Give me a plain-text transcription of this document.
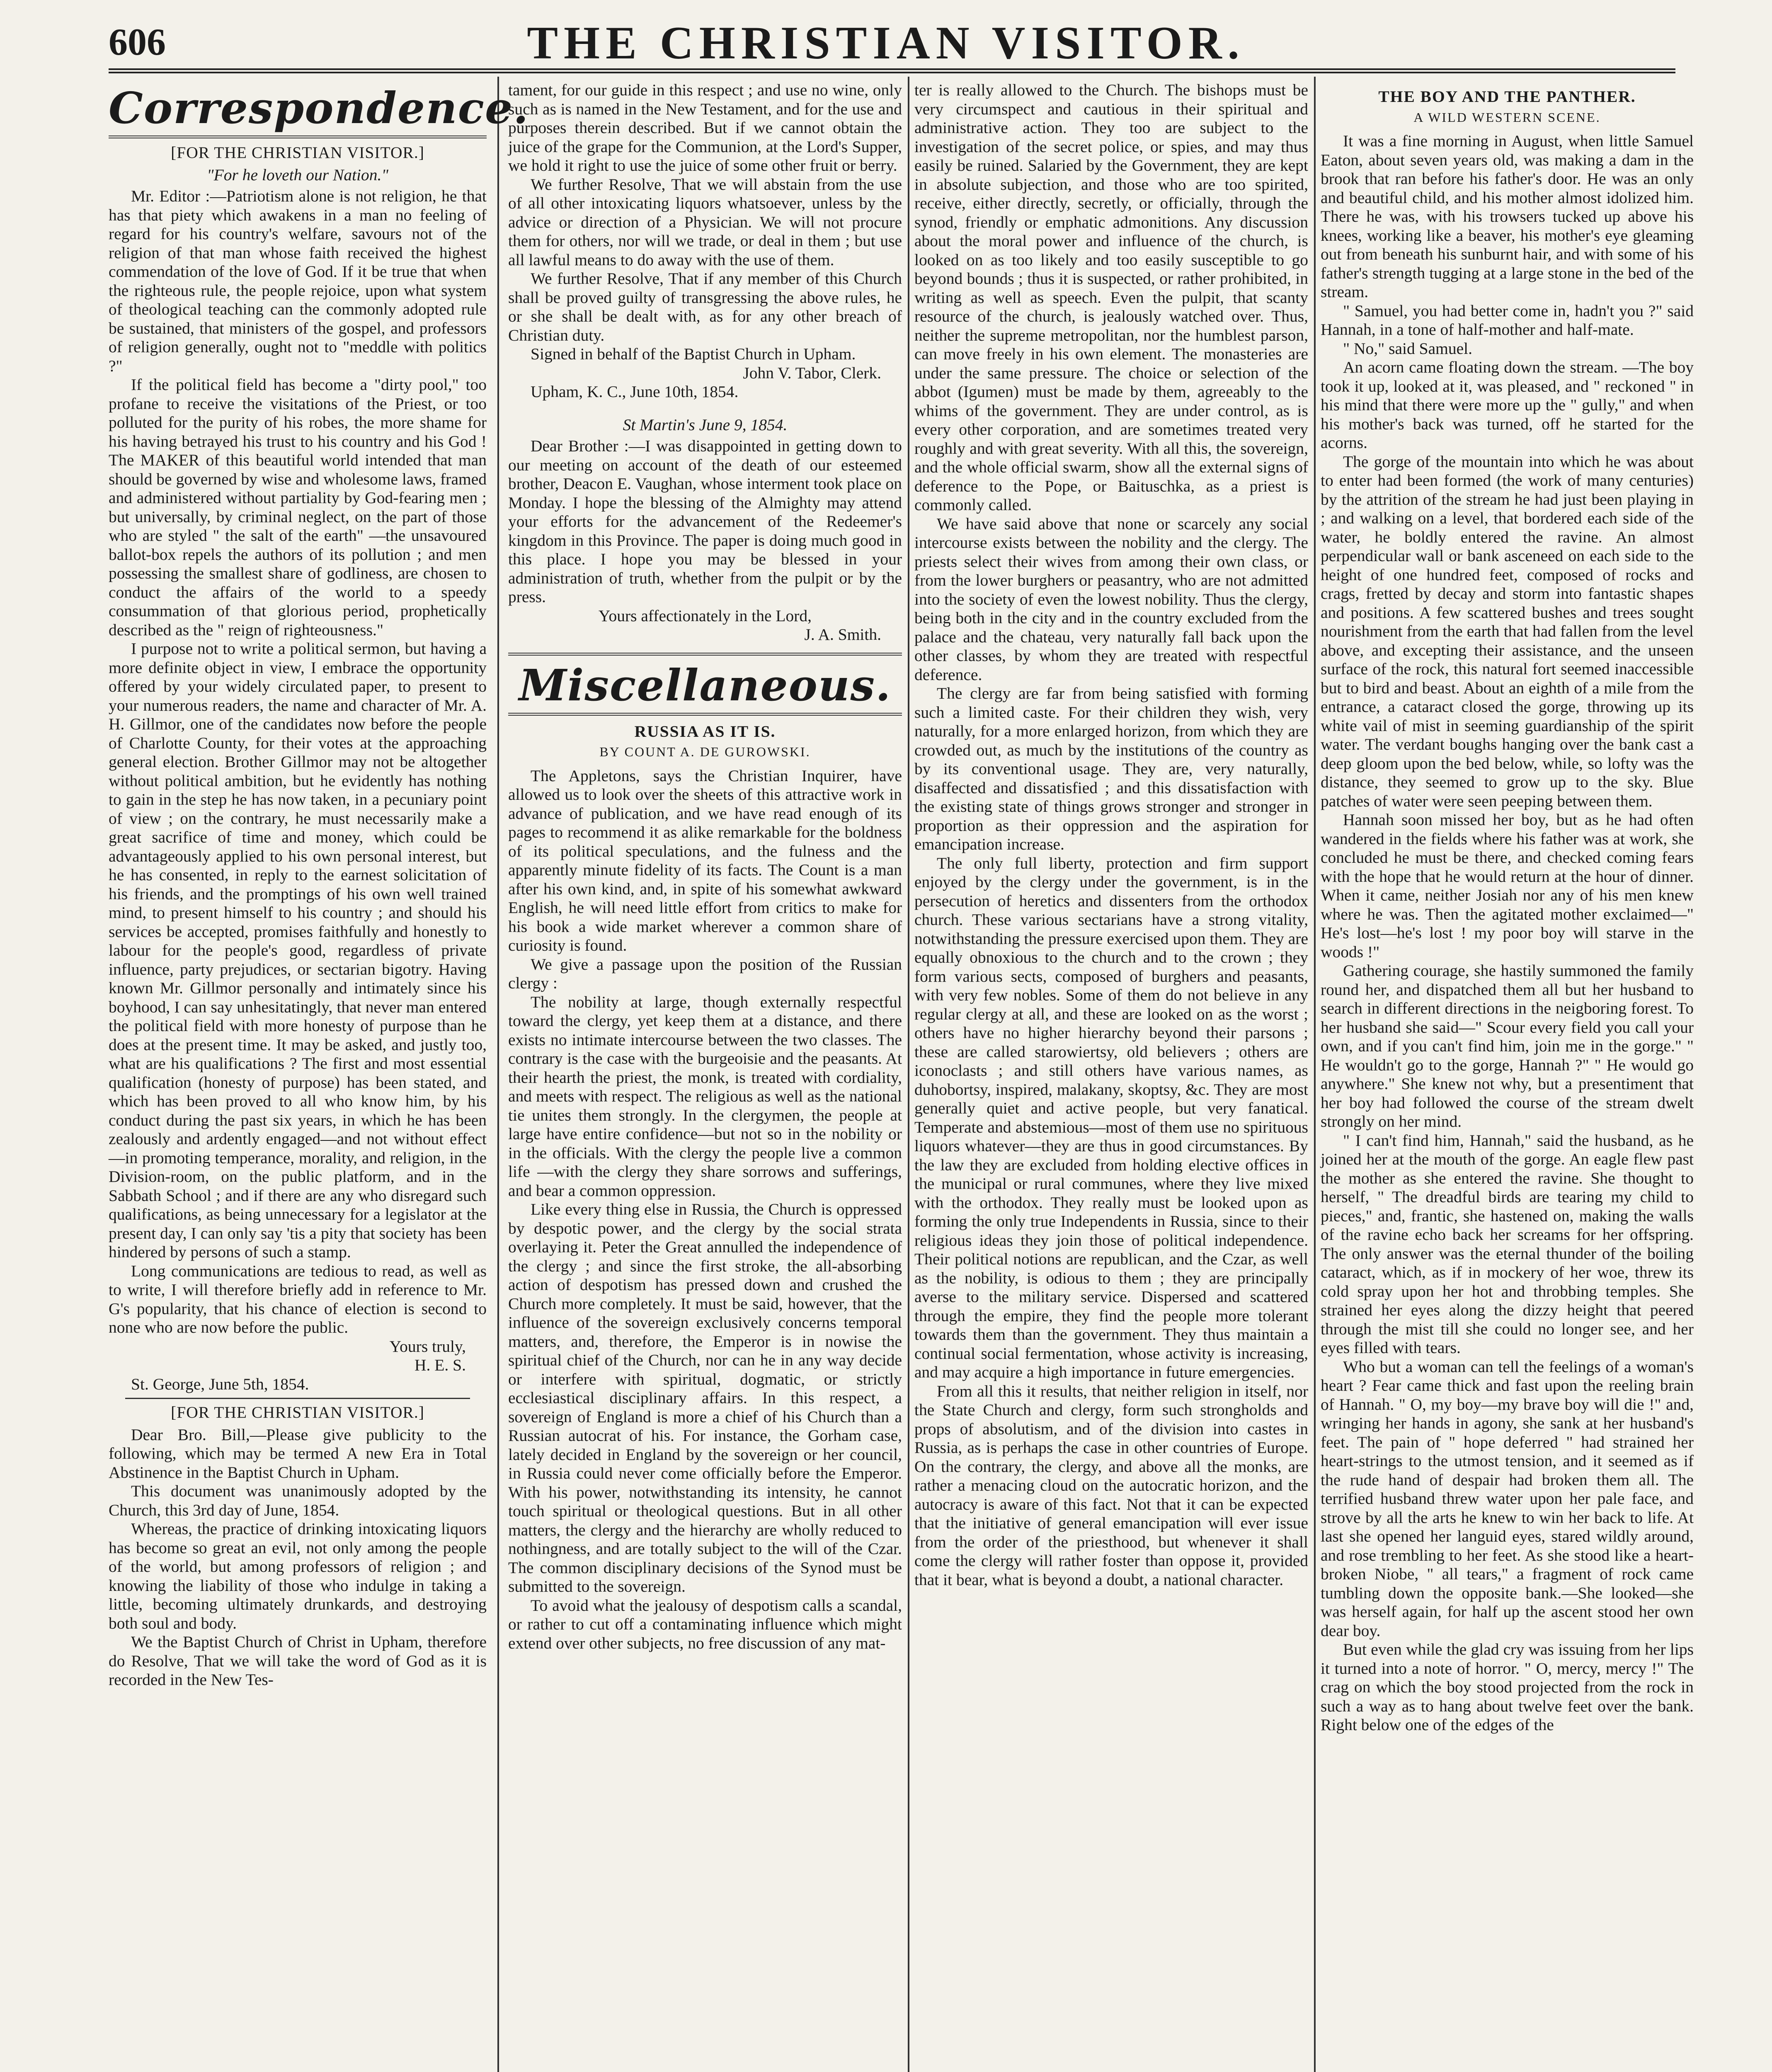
606	THE CHRISTIAN VISITOR.
Correspondence.

[FOR THE CHRISTIAN VISITOR.]

"For he loveth our Nation."

Mr. Editor :—Patriotism alone is not religion, he that has that piety which awakens in a man no feeling of regard for his country's welfare, savours not of the religion of that man whose faith received the highest commendation of the love of God. If it be true that when the righteous rule, the people rejoice, upon what system of theological teaching can the commonly adopted rule be sustained, that ministers of the gospel, and professors of religion generally, ought not to "meddle with politics ?"

If the political field has become a "dirty pool," too profane to receive the visitations of the Priest, or too polluted for the purity of his robes, the more shame for his having betrayed his trust to his country and his God ! The MAKER of this beautiful world intended that man should be governed by wise and wholesome laws, framed and administered without partiality by God-fearing men ; but universally, by criminal neglect, on the part of those who are styled " the salt of the earth" —the unsavoured ballot-box repels the authors of its pollution ; and men possessing the smallest share of godliness, are chosen to conduct the affairs of the world to a speedy consummation of that glorious period, prophetically described as the " reign of righteousness."

I purpose not to write a political sermon, but having a more definite object in view, I embrace the opportunity offered by your widely circulated paper, to present to your numerous readers, the name and character of Mr. A. H. Gillmor, one of the candidates now before the people of Charlotte County, for their votes at the approaching general election. Brother Gillmor may not be altogether without political ambition, but he evidently has nothing to gain in the step he has now taken, in a pecuniary point of view ; on the contrary, he must necessarily make a great sacrifice of time and money, which could be advantageously applied to his own personal interest, but he has consented, in reply to the earnest solicitation of his friends, and the promptings of his own well trained mind, to present himself to his country ; and should his services be accepted, promises faithfully and honestly to labour for the people's good, regardless of private influence, party prejudices, or sectarian bigotry. Having known Mr. Gillmor personally and intimately since his boyhood, I can say unhesitatingly, that never man entered the political field with more honesty of purpose than he does at the present time. It may be asked, and justly too, what are his qualifications ? The first and most essential qualification (honesty of purpose) has been stated, and which has been proved to all who know him, by his conduct during the past six years, in which he has been zealously and ardently engaged—and not without effect—in promoting temperance, morality, and religion, in the Division-room, on the public platform, and in the Sabbath School ; and if there are any who disregard such qualifications, as being unnecessary for a legislator at the present day, I can only say 'tis a pity that society has been hindered by persons of such a stamp.

Long communications are tedious to read, as well as to write, I will therefore briefly add in reference to Mr. G's popularity, that his chance of election is second to none who are now before the public.

Yours truly,

H. E. S.

St. George, June 5th, 1854.

[FOR THE CHRISTIAN VISITOR.]

Dear Bro. Bill,—Please give publicity to the following, which may be termed A new Era in Total Abstinence in the Baptist Church in Upham.

This document was unanimously adopted by the Church, this 3rd day of June, 1854.

Whereas, the practice of drinking intoxicating liquors has become so great an evil, not only among the people of the world, but among professors of religion ; and knowing the liability of those who indulge in taking a little, becoming ultimately drunkards, and destroying both soul and body.

We the Baptist Church of Christ in Upham, therefore do Resolve, That we will take the word of God as it is recorded in the New Tes-

tament, for our guide in this respect ; and use no wine, only such as is named in the New Testament, and for the use and purposes therein described. But if we cannot obtain the juice of the grape for the Communion, at the Lord's Supper, we hold it right to use the juice of some other fruit or berry.

We further Resolve, That we will abstain from the use of all other intoxicating liquors whatsoever, unless by the advice or direction of a Physician. We will not procure them for others, nor will we trade, or deal in them ; but use all lawful means to do away with the use of them.

We further Resolve, That if any member of this Church shall be proved guilty of transgressing the above rules, he or she shall be dealt with, as for any other breach of Christian duty.

Signed in behalf of the Baptist Church in Upham.

John V. Tabor, Clerk.

Upham, K. C., June 10th, 1854.

St Martin's June 9, 1854.

Dear Brother :—I was disappointed in getting down to our meeting on account of the death of our esteemed brother, Deacon E. Vaughan, whose interment took place on Monday. I hope the blessing of the Almighty may attend your efforts for the advancement of the Redeemer's kingdom in this Province. The paper is doing much good in this place. I hope you may be blessed in your administration of truth, whether from the pulpit or by the press.

Yours affectionately in the Lord,

J. A. Smith.

Miscellaneous.

RUSSIA AS IT IS.

BY COUNT A. DE GUROWSKI.

The Appletons, says the Christian Inquirer, have allowed us to look over the sheets of this attractive work in advance of publication, and we have read enough of its pages to recommend it as alike remarkable for the boldness of its political speculations, and the fulness and the apparently minute fidelity of its facts. The Count is a man after his own kind, and, in spite of his somewhat awkward English, he will need little effort from critics to make for his book a wide market wherever a common share of curiosity is found.

We give a passage upon the position of the Russian clergy :

The nobility at large, though externally respectful toward the clergy, yet keep them at a distance, and there exists no intimate intercourse between the two classes. The contrary is the case with the burgeoisie and the peasants. At their hearth the priest, the monk, is treated with cordiality, and meets with respect. The religious as well as the national tie unites them strongly. In the clergymen, the people at large have entire confidence—but not so in the nobility or in the officials. With the clergy the people live a common life —with the clergy they share sorrows and sufferings, and bear a common oppression.

Like every thing else in Russia, the Church is oppressed by despotic power, and the clergy by the social strata overlaying it. Peter the Great annulled the independence of the clergy ; and since the first stroke, the all-absorbing action of despotism has pressed down and crushed the Church more completely. It must be said, however, that the influence of the sovereign exclusively concerns temporal matters, and, therefore, the Emperor is in nowise the spiritual chief of the Church, nor can he in any way decide or interfere with spiritual, dogmatic, or strictly ecclesiastical disciplinary affairs. In this respect, a sovereign of England is more a chief of his Church than a Russian autocrat of his. For instance, the Gorham case, lately decided in England by the sovereign or her council, in Russia could never come officially before the Emperor. With his power, notwithstanding its intensity, he cannot touch spiritual or theological questions. But in all other matters, the clergy and the hierarchy are wholly reduced to nothingness, and are totally subject to the will of the Czar. The common disciplinary decisions of the Synod must be submitted to the sovereign.

To avoid what the jealousy of despotism calls a scandal, or rather to cut off a contaminating influence which might extend over other subjects, no free discussion of any mat-

ter is really allowed to the Church. The bishops must be very circumspect and cautious in their spiritual and administrative action. They too are subject to the investigation of the secret police, or spies, and may thus easily be ruined. Salaried by the Government, they are kept in absolute subjection, and those who are too spirited, receive, either directly, secretly, or officially, through the synod, friendly or emphatic admonitions. Any discussion about the moral power and influence of the church, is looked on as too likely and too easily susceptible to go beyond bounds ; thus it is suspected, or rather prohibited, in writing as well as speech. Even the pulpit, that scanty resource of the church, is jealously watched over. Thus, neither the supreme metropolitan, nor the humblest parson, can move freely in his own element. The monasteries are under the same pressure. The choice or selection of the abbot (Igumen) must be made by them, agreeably to the whims of the government. They are under control, as is every other corporation, and are sometimes treated very roughly and with great severity. With all this, the sovereign, and the whole official swarm, show all the external signs of deference to the Pope, or Baituschka, as a priest is commonly called.

We have said above that none or scarcely any social intercourse exists between the nobility and the clergy. The priests select their wives from among their own class, or from the lower burghers or peasantry, who are not admitted into the society of even the lowest nobility. Thus the clergy, being both in the city and in the country excluded from the palace and the chateau, very naturally fall back upon the other classes, by whom they are treated with respectful deference.

The clergy are far from being satisfied with forming such a limited caste. For their children they wish, very naturally, for a more enlarged horizon, from which they are crowded out, as much by the institutions of the country as by its conventional usage. They are, very naturally, disaffected and dissatisfied ; and this dissatisfaction with the existing state of things grows stronger and stronger in proportion as their oppression and the aspiration for emancipation increase.

The only full liberty, protection and firm support enjoyed by the clergy under the government, is in the persecution of heretics and dissenters from the orthodox church. These various sectarians have a strong vitality, notwithstanding the pressure exercised upon them. They are equally obnoxious to the church and to the crown ; they form various sects, composed of burghers and peasants, with very few nobles. Some of them do not believe in any regular clergy at all, and these are looked on as the worst ; others have no higher hierarchy beyond their parsons ; these are called starowiertsy, old believers ; others are iconoclasts ; and still others have various names, as duhobortsy, inspired, malakany, skoptsy, &c. They are most generally quiet and active people, but very fanatical. Temperate and abstemious—most of them use no spirituous liquors whatever—they are thus in good circumstances. By the law they are excluded from holding elective offices in the municipal or rural communes, where they live mixed with the orthodox. They really must be looked upon as forming the only true Independents in Russia, since to their religious ideas they join those of political independence. Their political notions are republican, and the Czar, as well as the nobility, is odious to them ; they are principally averse to the military service. Dispersed and scattered through the empire, they find the people more tolerant towards them than the government. They thus maintain a continual social fermentation, whose activity is increasing, and may acquire a high importance in future emergencies.

From all this it results, that neither religion in itself, nor the State Church and clergy, form such strongholds and props of absolutism, and of the division into castes in Russia, as is perhaps the case in other countries of Europe. On the contrary, the clergy, and above all the monks, are rather a menacing cloud on the autocratic horizon, and the autocracy is aware of this fact. Not that it can be expected that the initiative of general emancipation will ever issue from the order of the priesthood, but whenever it shall come the clergy will rather foster than oppose it, provided that it bear, what is beyond a doubt, a national character.

THE BOY AND THE PANTHER.

A WILD WESTERN SCENE.

It was a fine morning in August, when little Samuel Eaton, about seven years old, was making a dam in the brook that ran before his father's door. He was an only and beautiful child, and his mother almost idolized him. There he was, with his trowsers tucked up above his knees, working like a beaver, his mother's eye gleaming out from beneath his sunburnt hair, and with some of his father's strength tugging at a large stone in the bed of the stream.

" Samuel, you had better come in, hadn't you ?" said Hannah, in a tone of half-mother and half-mate.

" No," said Samuel.

An acorn came floating down the stream. —The boy took it up, looked at it, was pleased, and " reckoned " in his mind that there were more up the " gully," and when his mother's back was turned, off he started for the acorns.

The gorge of the mountain into which he was about to enter had been formed (the work of many centuries) by the attrition of the stream he had just been playing in ; and walking on a level, that bordered each side of the water, he boldly entered the ravine. An almost perpendicular wall or bank asceneed on each side to the height of one hundred feet, composed of rocks and crags, fretted by decay and storm into fantastic shapes and positions. A few scattered bushes and trees sought nourishment from the earth that had fallen from the level above, and excepting their assistance, and the unseen surface of the rock, this natural fort seemed inaccessible but to bird and beast. About an eighth of a mile from the entrance, a cataract closed the gorge, throwing up its white vail of mist in seeming guardianship of the spirit water. The verdant boughs hanging over the bank cast a deep gloom upon the bed below, while, so lofty was the distance, they seemed to grow up to the sky. Blue patches of water were seen peeping between them.

Hannah soon missed her boy, but as he had often wandered in the fields where his father was at work, she concluded he must be there, and checked coming fears with the hope that he would return at the hour of dinner. When it came, neither Josiah nor any of his men knew where he was. Then the agitated mother exclaimed—" He's lost—he's lost ! my poor boy will starve in the woods !"

Gathering courage, she hastily summoned the family round her, and dispatched them all but her husband to search in different directions in the neigboring forest. To her husband she said—" Scour every field you call your own, and if you can't find him, join me in the gorge." " He wouldn't go to the gorge, Hannah ?" " He would go anywhere." She knew not why, but a presentiment that her boy had followed the course of the stream dwelt strongly on her mind.

" I can't find him, Hannah," said the husband, as he joined her at the mouth of the gorge. An eagle flew past the mother as she entered the ravine. She thought to herself, " The dreadful birds are tearing my child to pieces," and, frantic, she hastened on, making the walls of the ravine echo back her screams for her offspring. The only answer was the eternal thunder of the boiling cataract, which, as if in mockery of her woe, threw its cold spray upon her hot and throbbing temples. She strained her eyes along the dizzy height that peered through the mist till she could no longer see, and her eyes filled with tears.

Who but a woman can tell the feelings of a woman's heart ? Fear came thick and fast upon the reeling brain of Hannah. " O, my boy—my brave boy will die !" and, wringing her hands in agony, she sank at her husband's feet. The pain of " hope deferred " had strained her heart-strings to the utmost tension, and it seemed as if the rude hand of despair had broken them all. The terrified husband threw water upon her pale face, and strove by all the arts he knew to win her back to life. At last she opened her languid eyes, stared wildly around, and rose trembling to her feet. As she stood like a heart-broken Niobe, " all tears," a fragment of rock came tumbling down the opposite bank.—She looked—she was herself again, for half up the ascent stood her own dear boy.

But even while the glad cry was issuing from her lips it turned into a note of horror. " O, mercy, mercy !" The crag on which the boy stood projected from the rock in such a way as to hang about twelve feet over the bank. Right below one of the edges of the
